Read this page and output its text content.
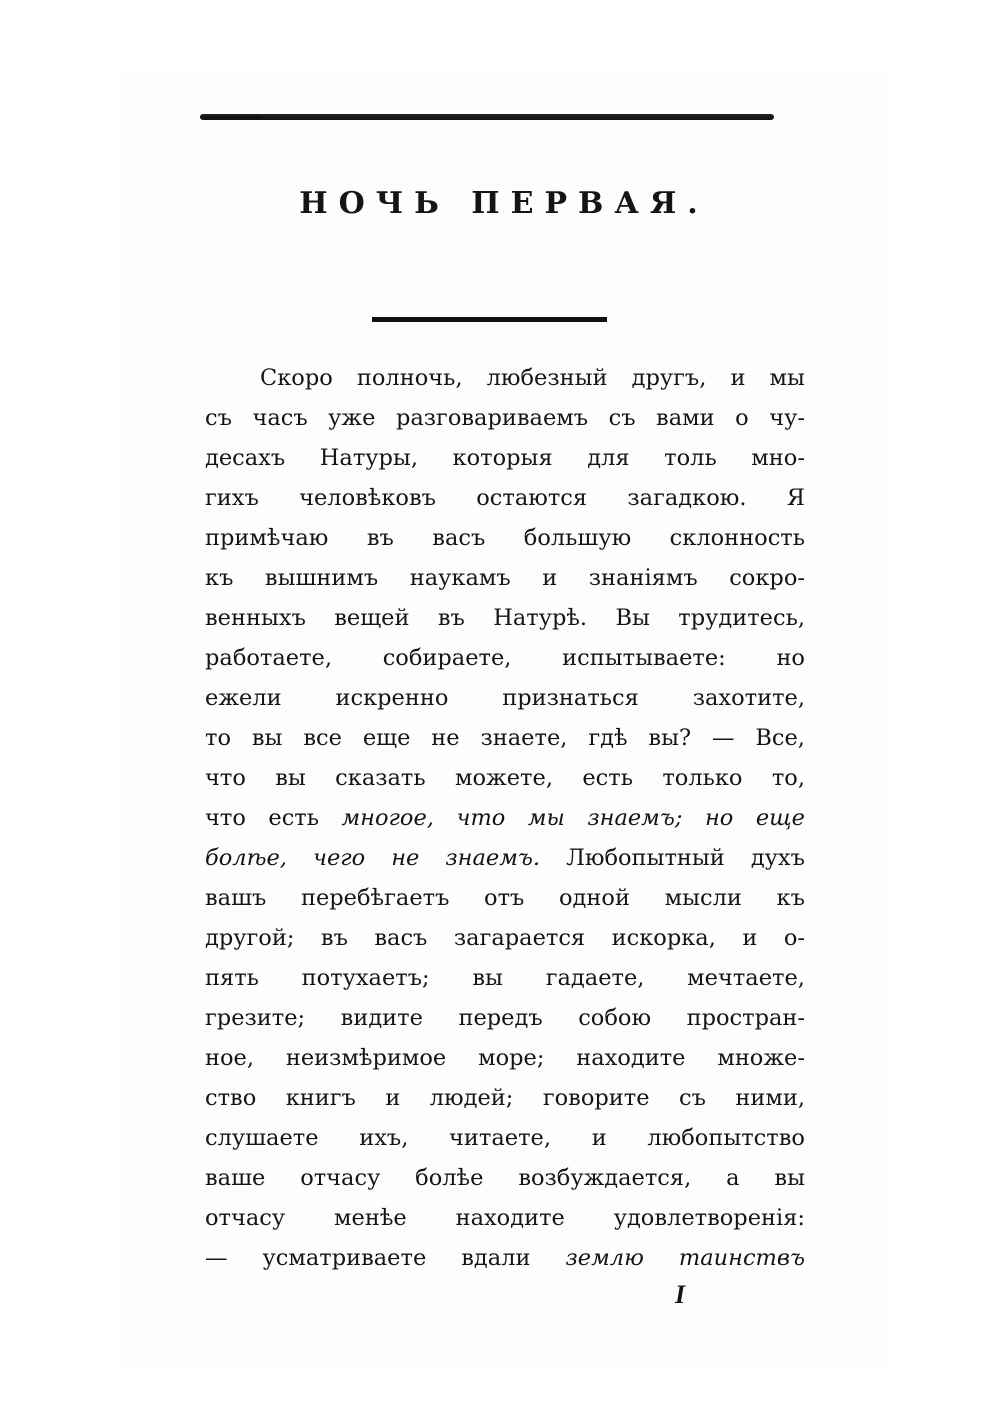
НОЧЬ ПЕРВАЯ.
Скоро полночь, любезный другъ, и мы
съ часъ уже разговариваемъ съ вами о чу-
десахъ Натуры, которыя для толь мно-
гихъ человѣковъ остаются загадкою. Я
примѣчаю въ васъ большую склонность
къ вышнимъ наукамъ и знаніямъ сокро-
венныхъ вещей въ Натурѣ. Вы трудитесь,
работаете, собираете, испытываете: но
ежели искренно признаться захотите,
то вы все еще не знаете, гдѣ вы? — Все,
что вы сказать можете, есть только то,
что есть многое, что мы знаемъ; но еще
болѣе, чего не знаемъ. Любопытный духъ
вашъ перебѣгаетъ отъ одной мысли къ
другой; въ васъ загарается искорка, и о-
пять потухаетъ; вы гадаете, мечтаете,
грезите; видите передъ собою простран-
ное, неизмѣримое море; находите множе-
ство книгъ и людей; говорите съ ними,
слушаете ихъ, читаете, и любопытство
ваше отчасу болѣе возбуждается, а вы
отчасу менѣе находите удовлетворенія:
— усматриваете вдали землю таинствъ
I
